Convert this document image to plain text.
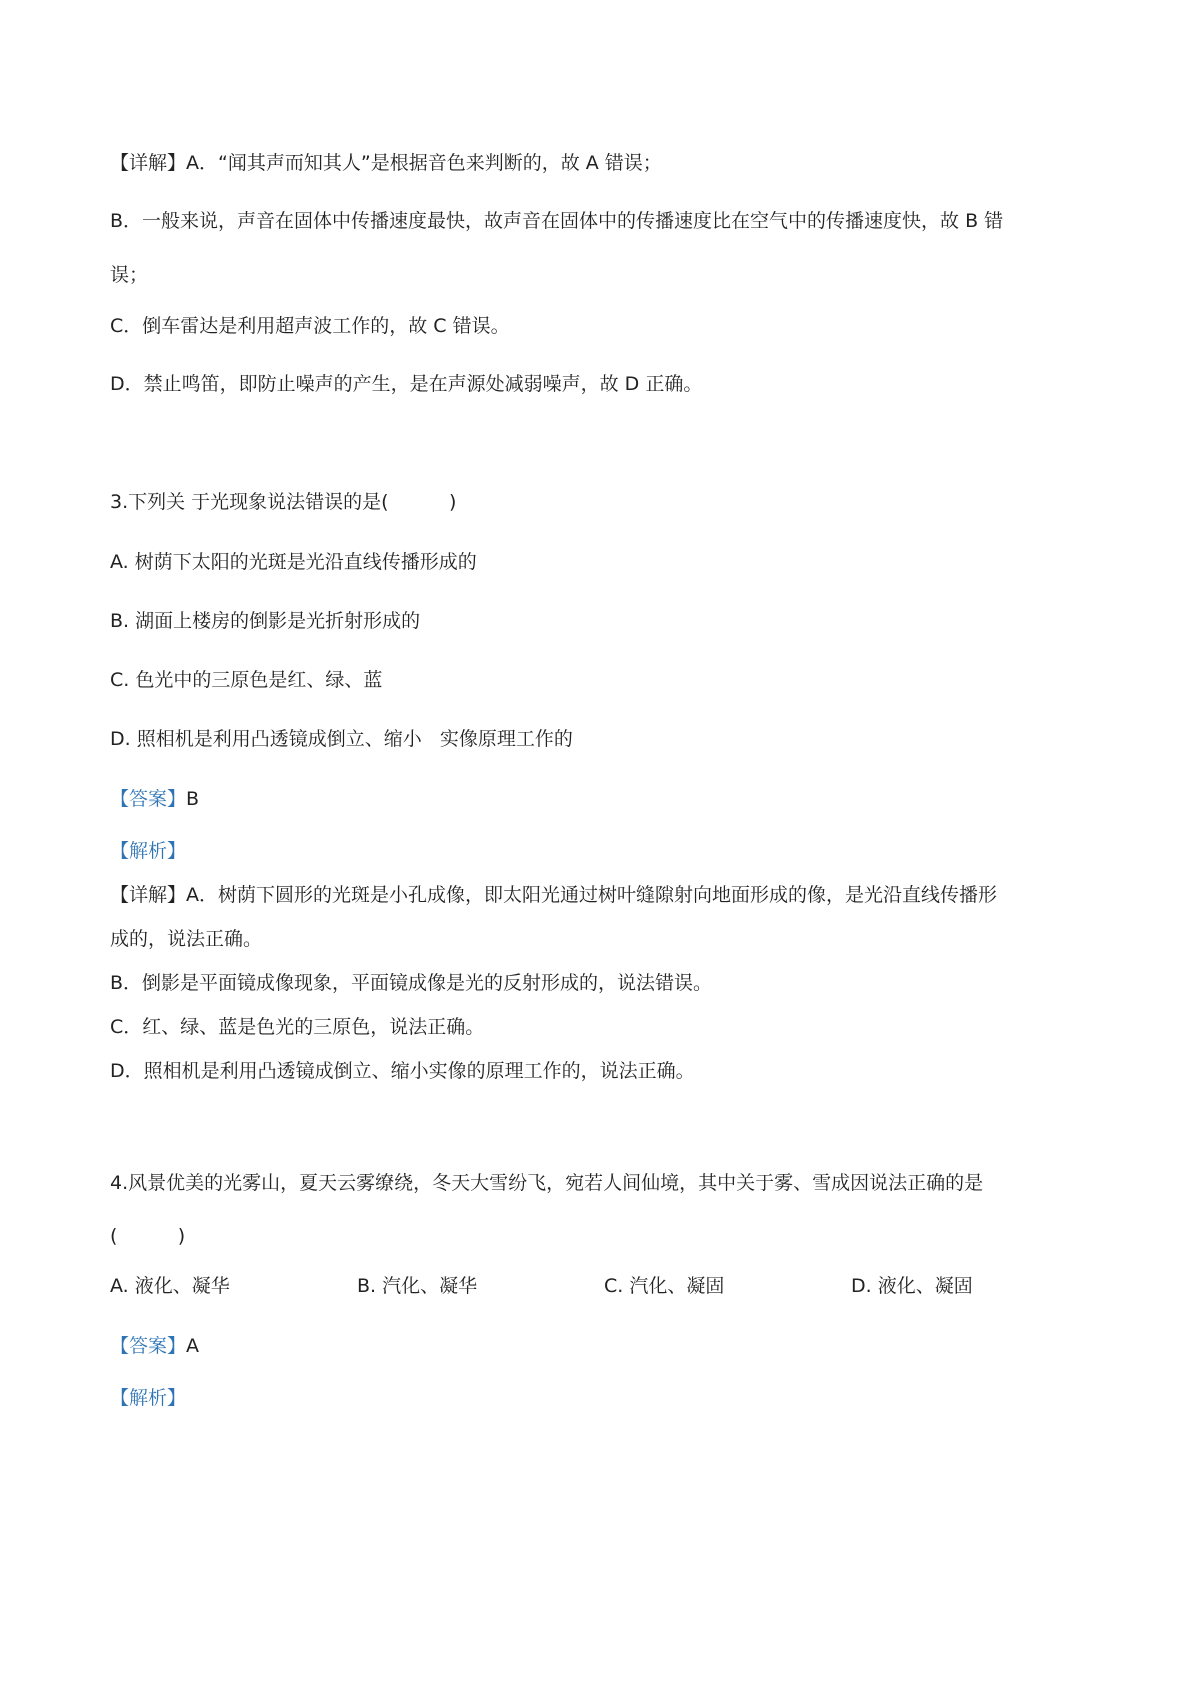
【详解】A．“闻其声而知其人”是根据音色来判断的，故 A 错误；
B．一般来说，声音在固体中传播速度最快，故声音在固体中的传播速度比在空气中的传播速度快，故 B 错
误；
C．倒车雷达是利用超声波工作的，故 C 错误。
D．禁止鸣笛，即防止噪声的产生，是在声源处减弱噪声，故 D 正确。
3.下列关 于光现象说法错误的是(          )
A. 树荫下太阳的光斑是光沿直线传播形成的
B. 湖面上楼房的倒影是光折射形成的
C. 色光中的三原色是红、绿、蓝
D. 照相机是利用凸透镜成倒立、缩小   实像原理工作的
【答案】B
【解析】
【详解】A．树荫下圆形的光斑是小孔成像，即太阳光通过树叶缝隙射向地面形成的像，是光沿直线传播形
成的，说法正确。
B．倒影是平面镜成像现象，平面镜成像是光的反射形成的，说法错误。
C．红、绿、蓝是色光的三原色，说法正确。
D．照相机是利用凸透镜成倒立、缩小实像的原理工作的，说法正确。
4.风景优美的光雾山，夏天云雾缭绕，冬天大雪纷飞，宛若人间仙境，其中关于雾、雪成因说法正确的是
(          )
A. 液化、凝华	B. 汽化、凝华	C. 汽化、凝固	D. 液化、凝固
【答案】A
【解析】
